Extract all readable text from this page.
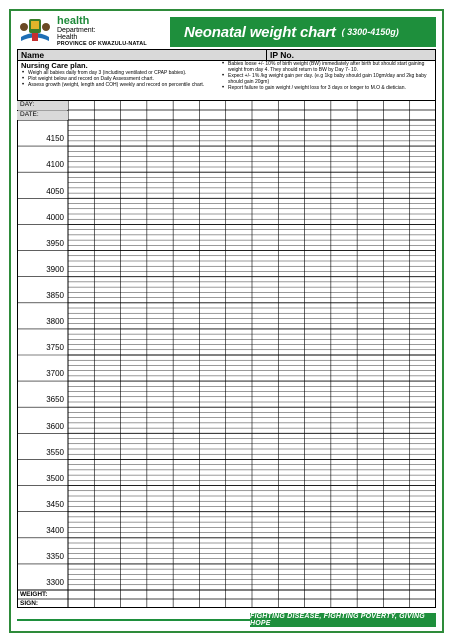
health
Department:
Health
PROVINCE OF KWAZULU-NATAL
Neonatal weight chart ( 3300-4150g)
Name	IP No.
Nursing Care plan.
• Weigh all babies daily from day 3 (including ventilated or CPAP babies).
• Plot weight below and record on Daily Assessment chart.
• Assess growth (weight, length and COH) weekly and record on percentile chart.
• Babies loose +/- 10% of birth weight (BW) immediately after birth but should start gaining weight from day 4. They should return to BW by Day 7- 10.
• Expect +/- 1% /kg weight gain per day. (e.g 1kg baby should gain 10gm/day and 2kg baby should gain 20gm)
• Report failure to gain weight / weight loss for 3 days or longer to M.O & dietician.
DAY:
DATE:
WEIGHT:
SIGN:
FIGHTING DISEASE, FIGHTING POVERTY, GIVING HOPE
4150
4100
4050
4000
3950
3900
3850
3800
3750
3700
3650
3600
3550
3500
3450
3400
3350
3300
